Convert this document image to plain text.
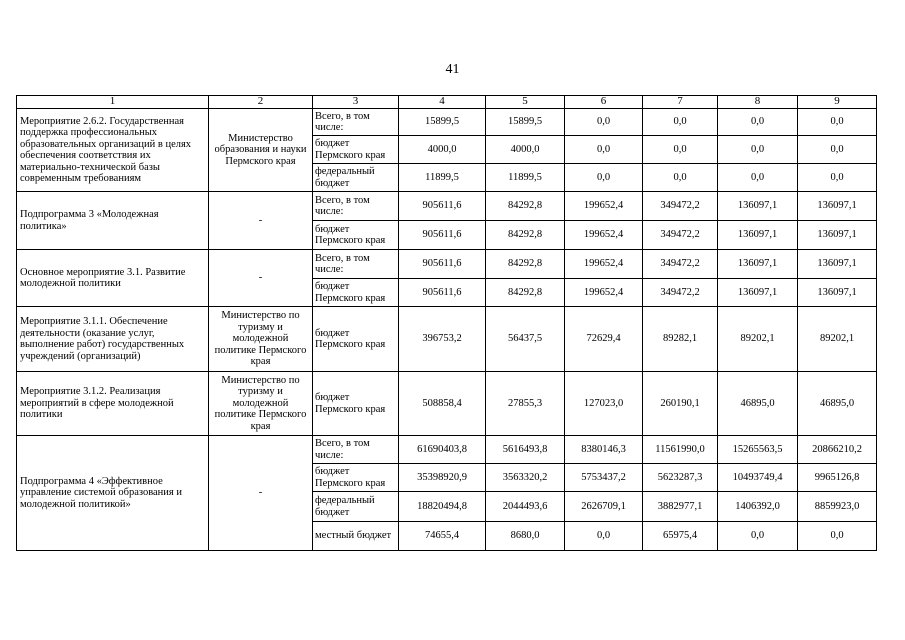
41
1	2	3	4	5	6	7	8	9
Мероприятие 2.6.2. Государственная поддержка профессиональных образовательных организаций в целях обеспечения соответствия их материально-технической базы современным требованиям	Министерство образования и науки Пермского края	Всего, в том числе:	15899,5	15899,5	0,0	0,0	0,0	0,0
		бюджет Пермского края	4000,0	4000,0	0,0	0,0	0,0	0,0
		федеральный бюджет	11899,5	11899,5	0,0	0,0	0,0	0,0
Подпрограмма 3 «Молодежная политика»	-	Всего, в том числе:	905611,6	84292,8	199652,4	349472,2	136097,1	136097,1
		бюджет Пермского края	905611,6	84292,8	199652,4	349472,2	136097,1	136097,1
Основное мероприятие 3.1. Развитие молодежной политики	-	Всего, в том числе:	905611,6	84292,8	199652,4	349472,2	136097,1	136097,1
		бюджет Пермского края	905611,6	84292,8	199652,4	349472,2	136097,1	136097,1
Мероприятие 3.1.1. Обеспечение деятельности (оказание услуг, выполнение работ) государственных учреждений (организаций)	Министерство по туризму и молодежной политике Пермского края	бюджет Пермского края	396753,2	56437,5	72629,4	89282,1	89202,1	89202,1
Мероприятие 3.1.2. Реализация мероприятий в сфере молодежной политики	Министерство по туризму и молодежной политике Пермского края	бюджет Пермского края	508858,4	27855,3	127023,0	260190,1	46895,0	46895,0
Подпрограмма 4 «Эффективное управление системой образования и молодежной политикой»	-	Всего, в том числе:	61690403,8	5616493,8	8380146,3	11561990,0	15265563,5	20866210,2
		бюджет Пермского края	35398920,9	3563320,2	5753437,2	5623287,3	10493749,4	9965126,8
		федеральный бюджет	18820494,8	2044493,6	2626709,1	3882977,1	1406392,0	8859923,0
		местный бюджет	74655,4	8680,0	0,0	65975,4	0,0	0,0
